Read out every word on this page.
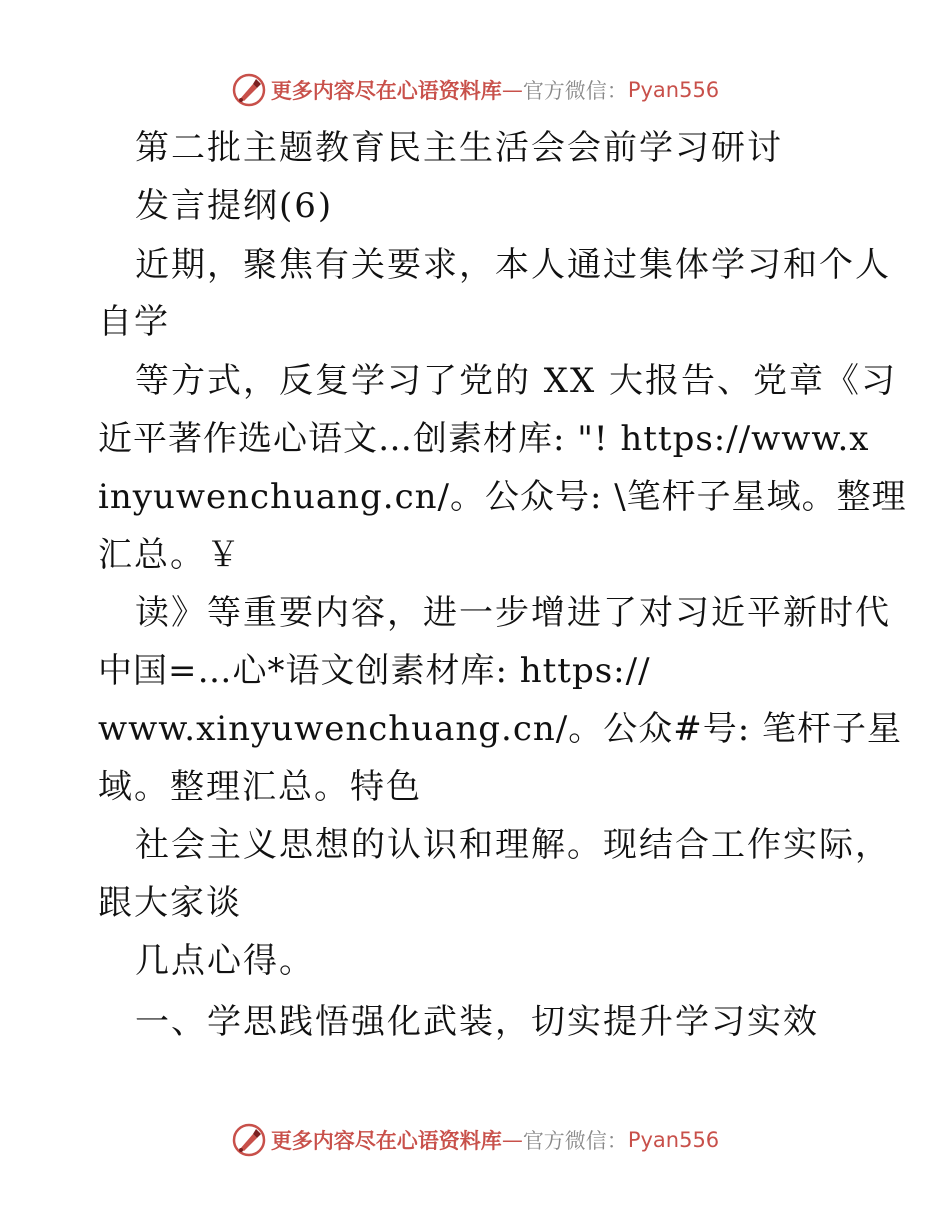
更多内容尽在心语资料库 — 官方微信： Pyan556
第二批主题教育民主生活会会前学习研讨
发言提纲(6)
近期，聚焦有关要求，本人通过集体学习和个人
自学
等方式，反复学习了党的 XX 大报告、党章《习
近平著作选心语文…创素材库: "! https://www.x
inyuwenchuang.cn/。公众号: \笔杆子星域。整理
汇总。￥
读》等重要内容，进一步增进了对习近平新时代
中国=…心*语文创素材库: https://
www.xinyuwenchuang.cn/。公众#号: 笔杆子星
域。整理汇总。特色
社会主义思想的认识和理解。现结合工作实际，
跟大家谈
几点心得。
一、学思践悟强化武装，切实提升学习实效
更多内容尽在心语资料库 — 官方微信： Pyan556
